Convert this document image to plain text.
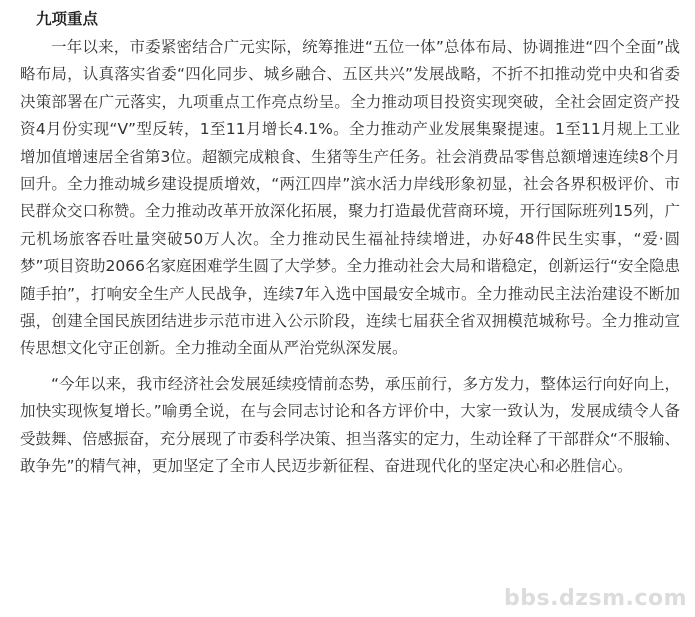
九项重点

一年以来，市委紧密结合广元实际，统筹推进“五位一体”总体布局、协调推进“四个全面”战略布局，认真落实省委“四化同步、城乡融合、五区共兴”发展战略，不折不扣推动党中央和省委决策部署在广元落实，九项重点工作亮点纷呈。全力推动项目投资实现突破，全社会固定资产投资4月份实现“V”型反转，1至11月增长4.1%。全力推动产业发展集聚提速。1至11月规上工业增加值增速居全省第3位。超额完成粮食、生猪等生产任务。社会消费品零售总额增速连续8个月回升。全力推动城乡建设提质增效，“两江四岸”滨水活力岸线形象初显，社会各界积极评价、市民群众交口称赞。全力推动改革开放深化拓展，聚力打造最优营商环境，开行国际班列15列，广元机场旅客吞吐量突破50万人次。全力推动民生福祉持续增进，办好48件民生实事，“爱·圆梦”项目资助2066名家庭困难学生圆了大学梦。全力推动社会大局和谐稳定，创新运行“安全隐患随手拍”，打响安全生产人民战争，连续7年入选中国最安全城市。全力推动民主法治建设不断加强，创建全国民族团结进步示范市进入公示阶段，连续七届获全省双拥模范城称号。全力推动宣传思想文化守正创新。全力推动全面从严治党纵深发展。

“今年以来，我市经济社会发展延续疫情前态势，承压前行，多方发力，整体运行向好向上，加快实现恢复增长。”喻勇全说，在与会同志讨论和各方评价中，大家一致认为，发展成绩令人备受鼓舞、倍感振奋，充分展现了市委科学决策、担当落实的定力，生动诠释了干部群众“不服输、敢争先”的精气神，更加坚定了全市人民迈步新征程、奋进现代化的坚定决心和必胜信心。

bbs.dzsm.com
